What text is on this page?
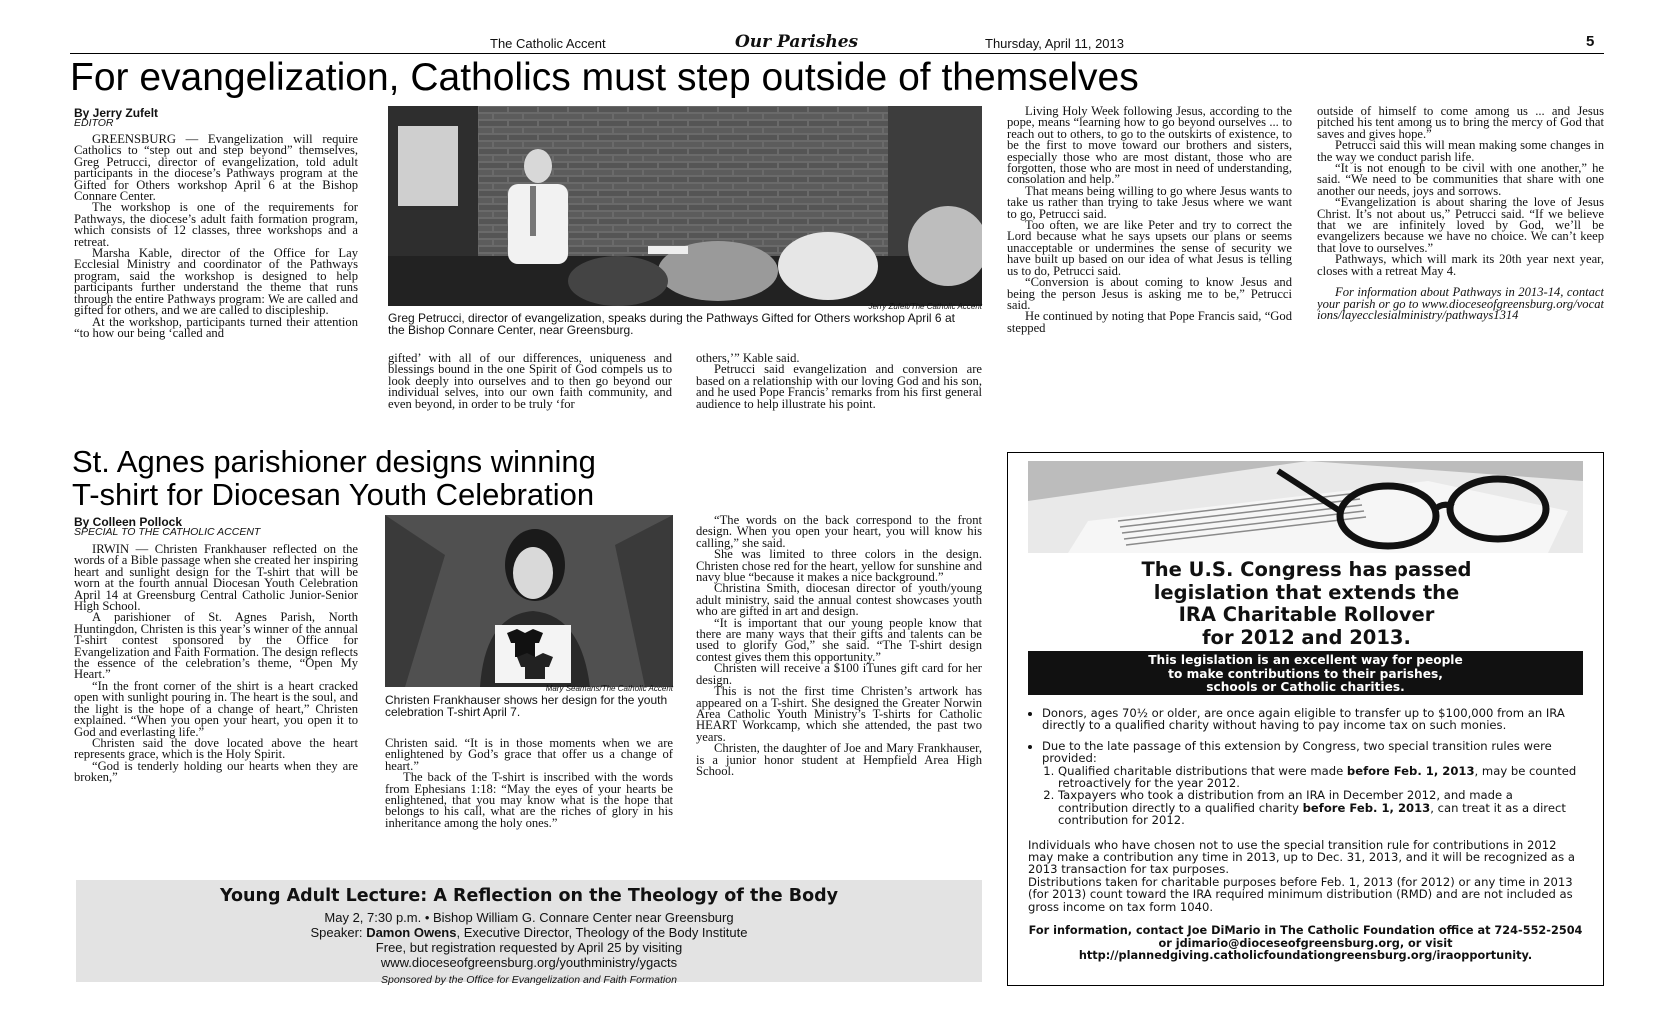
The Catholic Accent	Our Parishes	Thursday, April 11, 2013	5
For evangelization, Catholics must step outside of themselves
By Jerry Zufelt
EDITOR

GREENSBURG — Evangelization will require Catholics to “step out and step beyond” themselves, Greg Petrucci, director of evangelization, told adult participants in the diocese’s Pathways program at the Gifted for Others workshop April 6 at the Bishop Connare Center.

The workshop is one of the requirements for Pathways, the diocese’s adult faith formation program, which consists of 12 classes, three workshops and a retreat.

Marsha Kable, director of the Office for Lay Ecclesial Ministry and coordinator of the Pathways program, said the workshop is designed to help participants further understand the theme that runs through the entire Pathways program: We are called and gifted for others, and we are called to discipleship.

At the workshop, participants turned their attention “to how our being ‘called and

Jerry Zufelt/The Catholic Accent
Greg Petrucci, director of evangelization, speaks during the Pathways Gifted for Others workshop April 6 at the Bishop Connare Center, near Greensburg.

gifted’ with all of our differences, uniqueness and blessings bound in the one Spirit of God compels us to look deeply into ourselves and to then go beyond our individual selves, into our own faith community, and even beyond, in order to be truly ‘for

others,’” Kable said.

Petrucci said evangelization and conversion are based on a relationship with our loving God and his son, and he used Pope Francis’ remarks from his first general audience to help illustrate his point.

Living Holy Week following Jesus, according to the pope, means “learning how to go beyond ourselves ... to reach out to others, to go to the outskirts of existence, to be the first to move toward our brothers and sisters, especially those who are most distant, those who are forgotten, those who are most in need of understanding, consolation and help.”

That means being willing to go where Jesus wants to take us rather than trying to take Jesus where we want to go, Petrucci said.

Too often, we are like Peter and try to correct the Lord because what he says upsets our plans or seems unacceptable or undermines the sense of security we have built up based on our idea of what Jesus is telling us to do, Petrucci said.

“Conversion is about coming to know Jesus and being the person Jesus is asking me to be,” Petrucci said.

He continued by noting that Pope Francis said, “God stepped

outside of himself to come among us ... and Jesus pitched his tent among us to bring the mercy of God that saves and gives hope.”

Petrucci said this will mean making some changes in the way we conduct parish life.

“It is not enough to be civil with one another,” he said. “We need to be communities that share with one another our needs, joys and sorrows.

“Evangelization is about sharing the love of Jesus Christ. It’s not about us,” Petrucci said. “If we believe that we are infinitely loved by God, we’ll be evangelizers because we have no choice. We can’t keep that love to ourselves.”

Pathways, which will mark its 20th year next year, closes with a retreat May 4.

For information about Pathways in 2013-14, contact your parish or go to www.dioceseofgreensburg.org/vocations/layecclesialministry/pathways1314

St. Agnes parishioner designs winning
T-shirt for Diocesan Youth Celebration
By Colleen Pollock
SPECIAL TO THE CATHOLIC ACCENT

IRWIN — Christen Frankhauser reflected on the words of a Bible passage when she created her inspiring heart and sunlight design for the T-shirt that will be worn at the fourth annual Diocesan Youth Celebration April 14 at Greensburg Central Catholic Junior-Senior High School.

A parishioner of St. Agnes Parish, North Huntingdon, Christen is this year’s winner of the annual T-shirt contest sponsored by the Office for Evangelization and Faith Formation. The design reflects the essence of the celebration’s theme, “Open My Heart.”

“In the front corner of the shirt is a heart cracked open with sunlight pouring in. The heart is the soul, and the light is the hope of a change of heart,” Christen explained. “When you open your heart, you open it to God and everlasting life.”

Christen said the dove located above the heart represents grace, which is the Holy Spirit.

“God is tenderly holding our hearts when they are broken,”

Mary Seamans/The Catholic Accent
Christen Frankhauser shows her design for the youth celebration T-shirt April 7.

Christen said. “It is in those moments when we are enlightened by God’s grace that offer us a change of heart.”

The back of the T-shirt is inscribed with the words from Ephesians 1:18: “May the eyes of your hearts be enlightened, that you may know what is the hope that belongs to his call, what are the riches of glory in his inheritance among the holy ones.”

“The words on the back correspond to the front design. When you open your heart, you will know his calling,” she said.

She was limited to three colors in the design. Christen chose red for the heart, yellow for sunshine and navy blue “because it makes a nice background.”

Christina Smith, diocesan director of youth/young adult ministry, said the annual contest showcases youth who are gifted in art and design.

“It is important that our young people know that there are many ways that their gifts and talents can be used to glorify God,” she said. “The T-shirt design contest gives them this opportunity.”

Christen will receive a $100 iTunes gift card for her design.

This is not the first time Christen’s artwork has appeared on a T-shirt. She designed the Greater Norwin Area Catholic Youth Ministry’s T-shirts for Catholic HEART Workcamp, which she attended, the past two years.

Christen, the daughter of Joe and Mary Frankhauser, is a junior honor student at Hempfield Area High School.

Young Adult Lecture: A Reflection on the Theology of the Body
May 2, 7:30 p.m. • Bishop William G. Connare Center near Greensburg
Speaker: Damon Owens, Executive Director, Theology of the Body Institute
Free, but registration requested by April 25 by visiting
www.dioceseofgreensburg.org/youthministry/ygacts
Sponsored by the Office for Evangelization and Faith Formation
The U.S. Congress has passed
legislation that extends the
IRA Charitable Rollover
for 2012 and 2013.
This legislation is an excellent way for people
to make contributions to their parishes,
schools or Catholic charities.
• Donors, ages 70½ or older, are once again eligible to transfer up to $100,000 from an IRA directly to a qualified charity without having to pay income tax on such monies.
• Due to the late passage of this extension by Congress, two special transition rules were provided:
1. Qualified charitable distributions that were made before Feb. 1, 2013, may be counted retroactively for the year 2012.
2. Taxpayers who took a distribution from an IRA in December 2012, and made a contribution directly to a qualified charity before Feb. 1, 2013, can treat it as a direct contribution for 2012.
Individuals who have chosen not to use the special transition rule for contributions in 2012 may make a contribution any time in 2013, up to Dec. 31, 2013, and it will be recognized as a 2013 transaction for tax purposes.
Distributions taken for charitable purposes before Feb. 1, 2013 (for 2012) or any time in 2013 (for 2013) count toward the IRA required minimum distribution (RMD) and are not included as gross income on tax form 1040.
For information, contact Joe DiMario in The Catholic Foundation office at 724-552-2504 or jdimario@dioceseofgreensburg.org, or visit http://plannedgiving.catholicfoundationgreensburg.org/iraopportunity.
